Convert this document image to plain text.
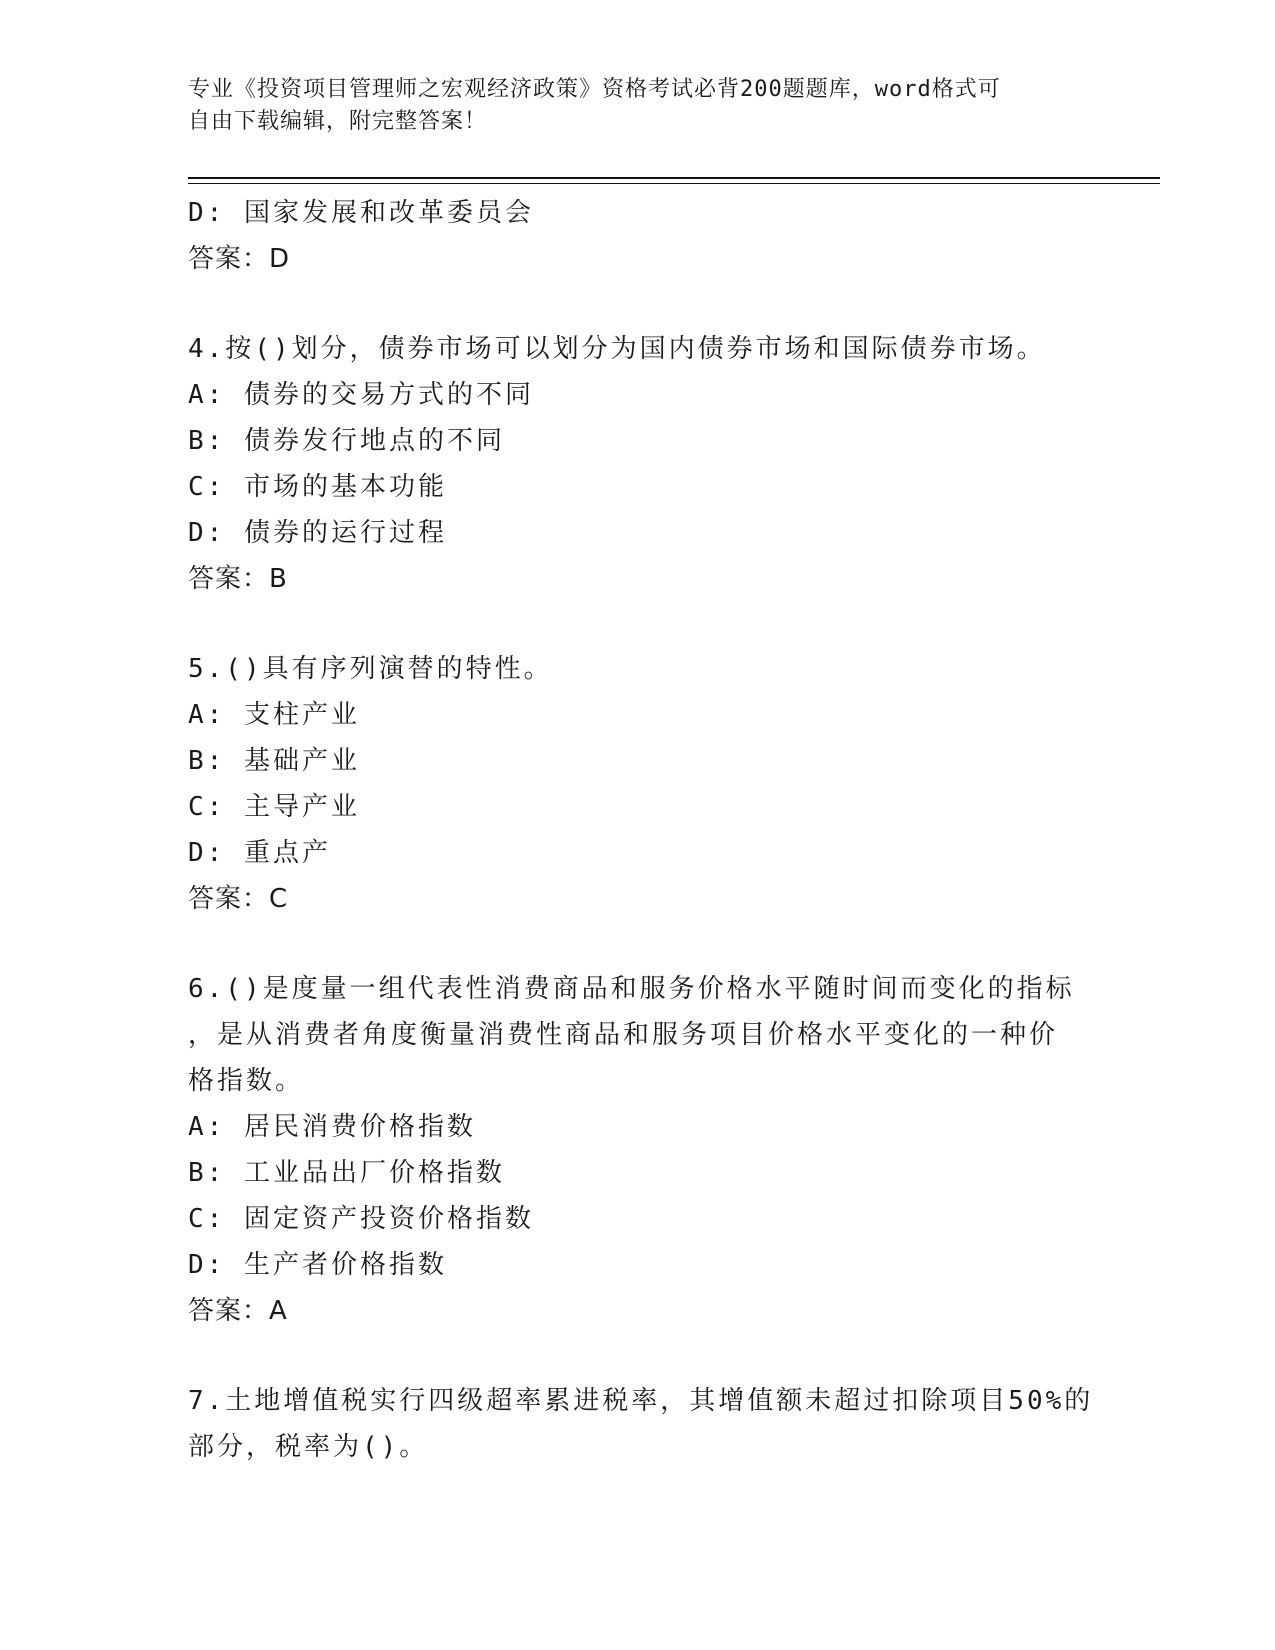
专业《投资项目管理师之宏观经济政策》资格考试必背200题题库，word格式可
自由下载编辑，附完整答案！
D: 国家发展和改革委员会
答案：D
4.按()划分，债券市场可以划分为国内债券市场和国际债券市场。
A: 债券的交易方式的不同
B: 债券发行地点的不同
C: 市场的基本功能
D: 债券的运行过程
答案：B
5.()具有序列演替的特性。
A: 支柱产业
B: 基础产业
C: 主导产业
D: 重点产
答案：C
6.()是度量一组代表性消费商品和服务价格水平随时间而变化的指标
，是从消费者角度衡量消费性商品和服务项目价格水平变化的一种价
格指数。
A: 居民消费价格指数
B: 工业品出厂价格指数
C: 固定资产投资价格指数
D: 生产者价格指数
答案：A
7.土地增值税实行四级超率累进税率，其增值额未超过扣除项目50%的
部分，税率为()。
